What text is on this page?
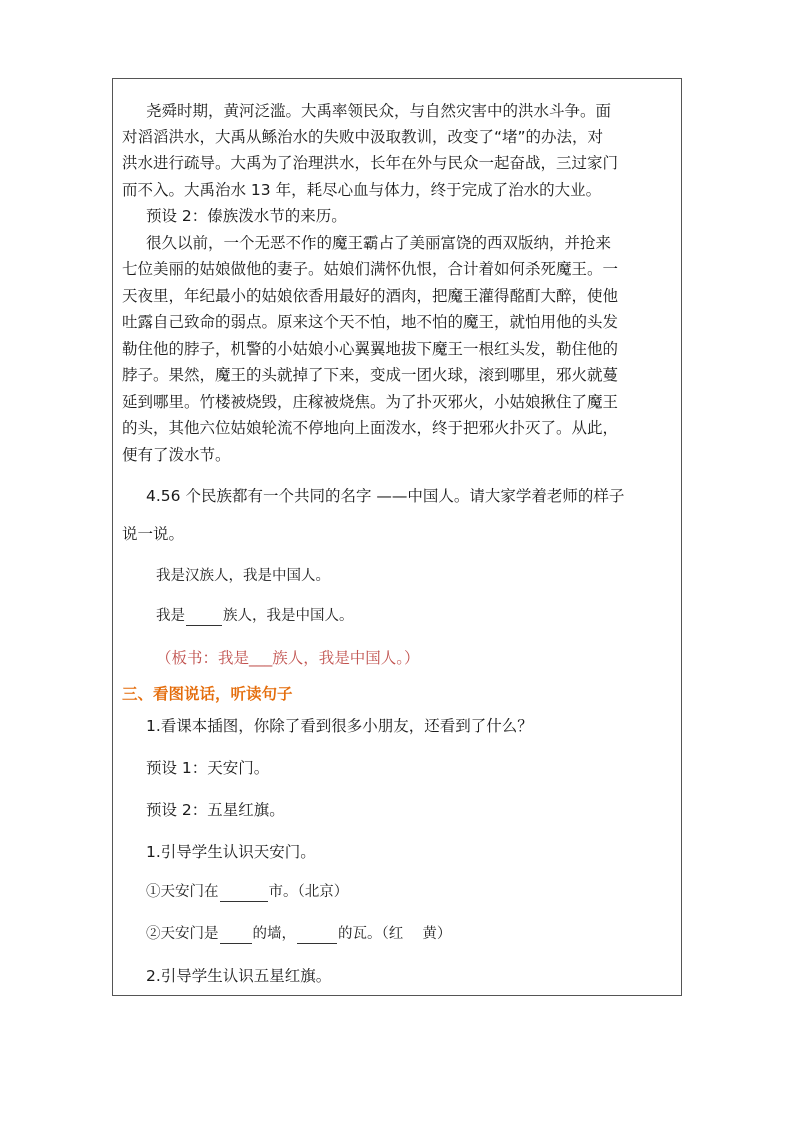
尧舜时期，黄河泛滥。大禹率领民众，与自然灾害中的洪水斗争。面
对滔滔洪水，大禹从鲧治水的失败中汲取教训，改变了“堵”的办法，对
洪水进行疏导。大禹为了治理洪水，长年在外与民众一起奋战，三过家门
而不入。大禹治水 13 年，耗尽心血与体力，终于完成了治水的大业。
预设 2：傣族泼水节的来历。
很久以前，一个无恶不作的魔王霸占了美丽富饶的西双版纳，并抢来
七位美丽的姑娘做他的妻子。姑娘们满怀仇恨，合计着如何杀死魔王。一
天夜里，年纪最小的姑娘依香用最好的酒肉，把魔王灌得酩酊大醉，使他
吐露自己致命的弱点。原来这个天不怕，地不怕的魔王，就怕用他的头发
勒住他的脖子，机警的小姑娘小心翼翼地拔下魔王一根红头发，勒住他的
脖子。果然，魔王的头就掉了下来，变成一团火球，滚到哪里，邪火就蔓
延到哪里。竹楼被烧毁，庄稼被烧焦。为了扑灭邪火，小姑娘揪住了魔王
的头，其他六位姑娘轮流不停地向上面泼水，终于把邪火扑灭了。从此，
便有了泼水节。
4.56 个民族都有一个共同的名字 ——中国人。请大家学着老师的样子
说一说。
我是汉族人，我是中国人。
我是	族人，我是中国人。
（板书：我是___族人，我是中国人。）
三、看图说话，听读句子
1.看课本插图，你除了看到很多小朋友，还看到了什么？
预设 1：天安门。
预设 2：五星红旗。
1.引导学生认识天安门。
①天安门在	市。（北京）
②天安门是 的墙，	的瓦。（红　 黄）
2.引导学生认识五星红旗。
